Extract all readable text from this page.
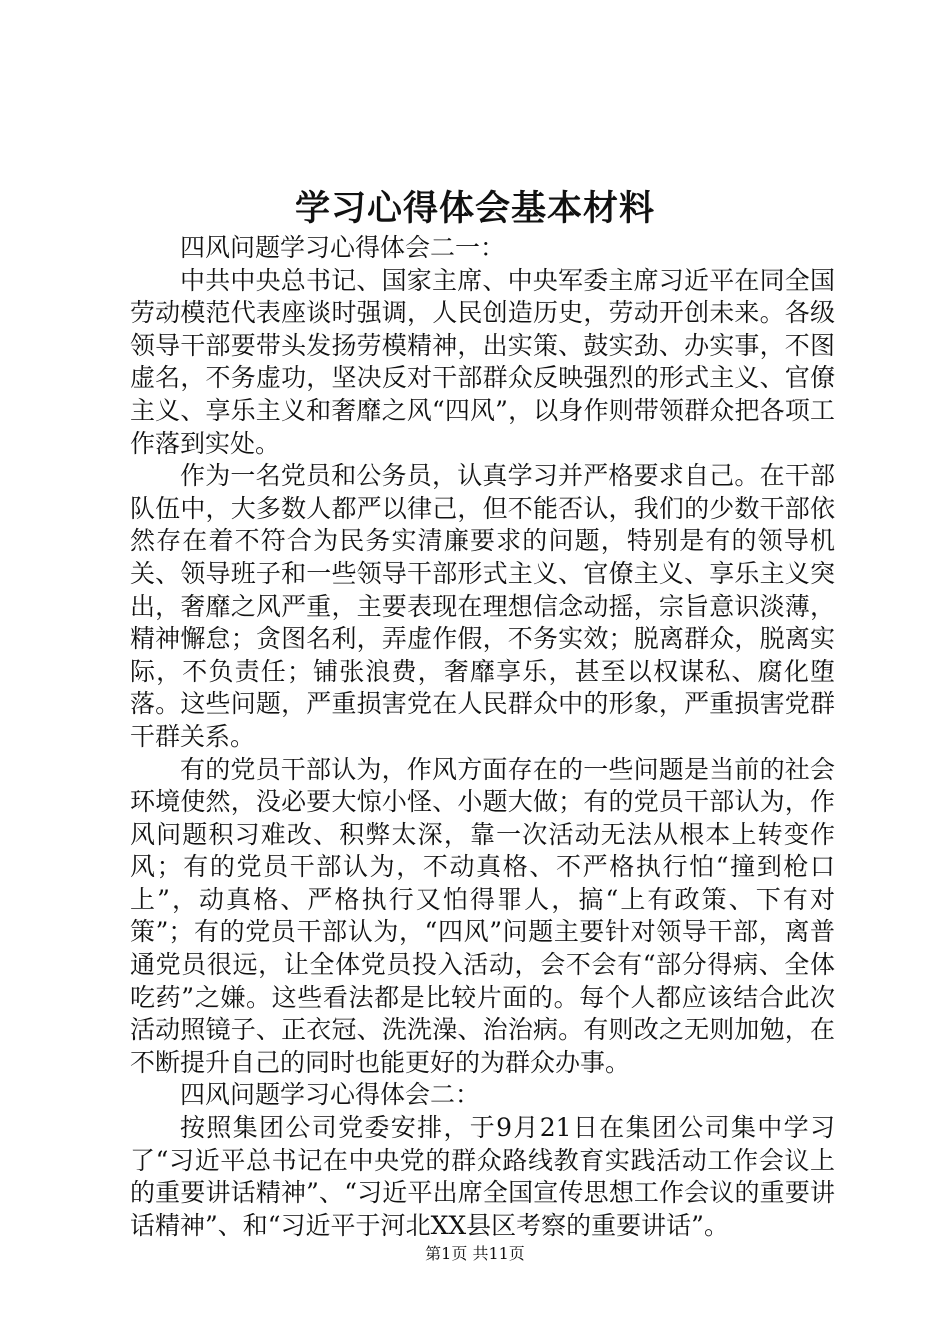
学习心得体会基本材料

四风问题学习心得体会二一：

中共中央总书记、国家主席、中央军委主席习近平在同全国劳动模范代表座谈时强调，人民创造历史，劳动开创未来。各级领导干部要带头发扬劳模精神，出实策、鼓实劲、办实事，不图虚名，不务虚功，坚决反对干部群众反映强烈的形式主义、官僚主义、享乐主义和奢靡之风“四风”，以身作则带领群众把各项工作落到实处。

作为一名党员和公务员，认真学习并严格要求自己。在干部队伍中，大多数人都严以律己，但不能否认，我们的少数干部依然存在着不符合为民务实清廉要求的问题，特别是有的领导机关、领导班子和一些领导干部形式主义、官僚主义、享乐主义突出，奢靡之风严重，主要表现在理想信念动摇，宗旨意识淡薄，精神懈怠；贪图名利，弄虚作假，不务实效；脱离群众，脱离实际，不负责任；铺张浪费，奢靡享乐，甚至以权谋私、腐化堕落。这些问题，严重损害党在人民群众中的形象，严重损害党群干群关系。

有的党员干部认为，作风方面存在的一些问题是当前的社会环境使然，没必要大惊小怪、小题大做；有的党员干部认为，作风问题积习难改、积弊太深，靠一次活动无法从根本上转变作风；有的党员干部认为，不动真格、不严格执行怕“撞到枪口上”，动真格、严格执行又怕得罪人，搞“上有政策、下有对策”；有的党员干部认为，“四风”问题主要针对领导干部，离普通党员很远，让全体党员投入活动，会不会有“部分得病、全体吃药”之嫌。这些看法都是比较片面的。每个人都应该结合此次活动照镜子、正衣冠、洗洗澡、治治病。有则改之无则加勉，在不断提升自己的同时也能更好的为群众办事。

四风问题学习心得体会二：

按照集团公司党委安排，于9月21日在集团公司集中学习了“习近平总书记在中央党的群众路线教育实践活动工作会议上的重要讲话精神”、“习近平出席全国宣传思想工作会议的重要讲话精神”、和“习近平于河北XX县区考察的重要讲话”。

第1页 共11页
